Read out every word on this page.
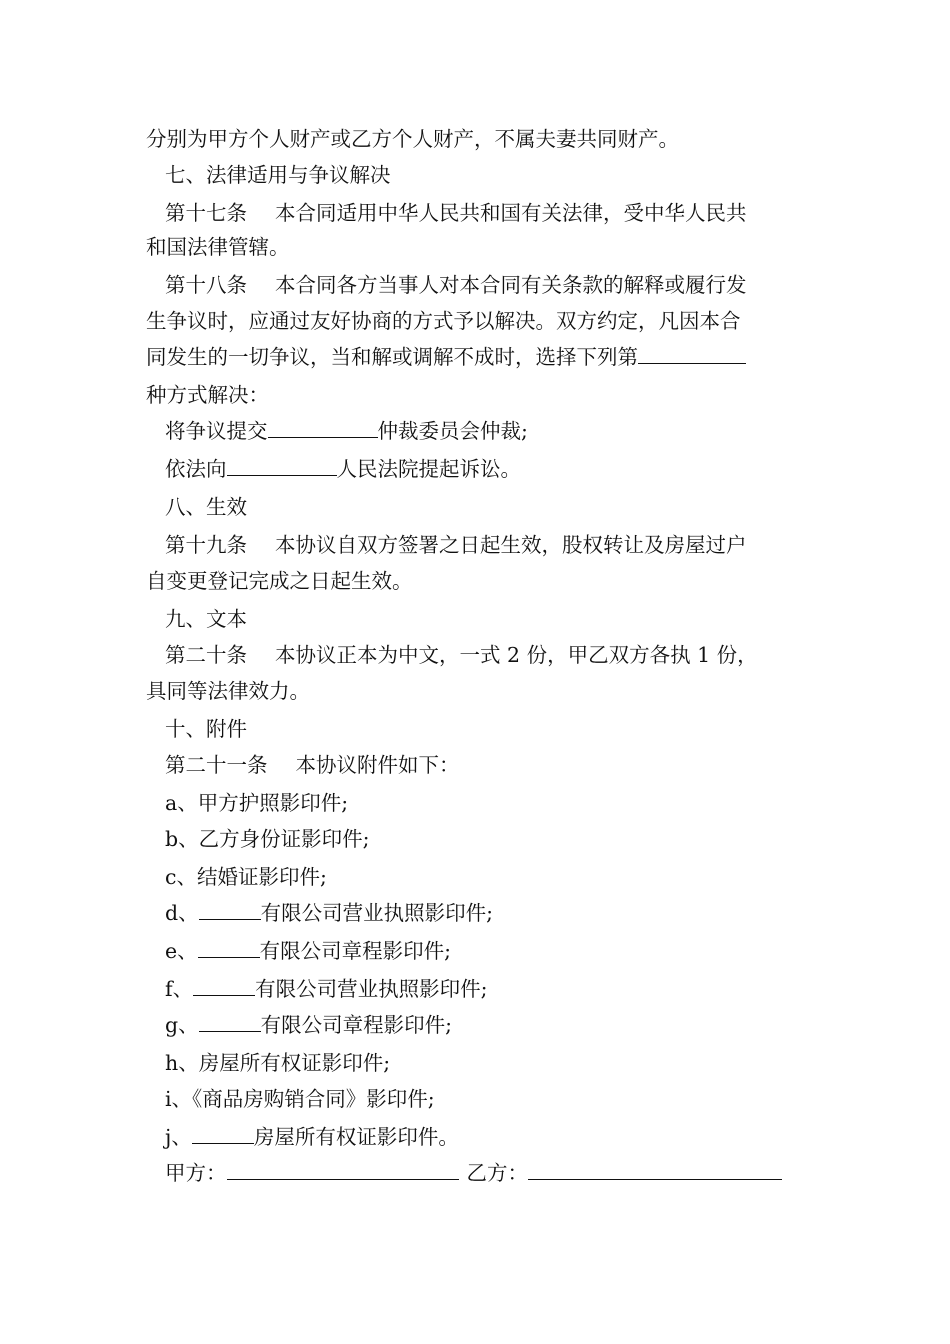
分别为甲方个人财产或乙方个人财产，不属夫妻共同财产。
七、法律适用与争议解决
第十七条 本合同适用中华人民共和国有关法律，受中华人民共
和国法律管辖。
第十八条 本合同各方当事人对本合同有关条款的解释或履行发
生争议时，应通过友好协商的方式予以解决。双方约定，凡因本合
同发生的一切争议，当和解或调解不成时，选择下列第
种方式解决：
将争议提交	仲裁委员会仲裁;
依法向	人民法院提起诉讼。
八、生效
第十九条 本协议自双方签署之日起生效，股权转让及房屋过户
自变更登记完成之日起生效。
九、文本
第二十条 本协议正本为中文，一式 2 份，甲乙双方各执 1 份，
具同等法律效力。
十、附件
第二十一条 本协议附件如下：
a、甲方护照影印件;
b、乙方身份证影印件;
c、结婚证影印件;
d、	有限公司营业执照影印件;
e、	有限公司章程影印件;
f、	有限公司营业执照影印件;
g、	有限公司章程影印件;
h、房屋所有权证影印件;
i、《商品房购销合同》影印件;
j、	房屋所有权证影印件。
甲方：	乙方：
